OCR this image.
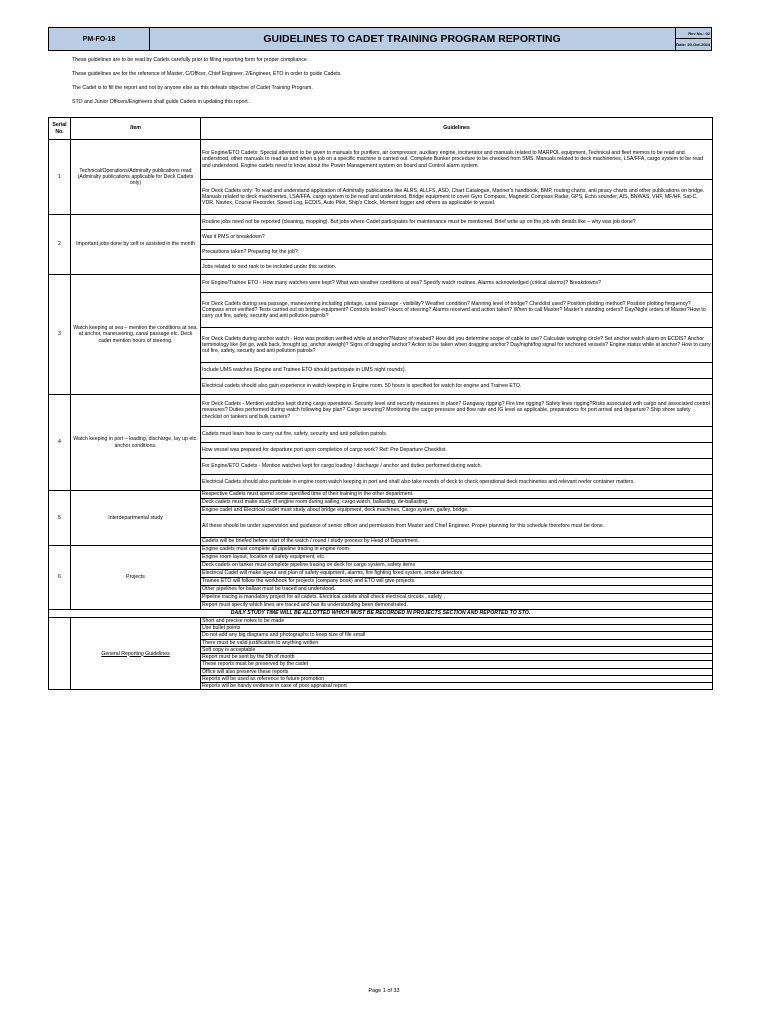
PM-FO-18	GUIDELINES TO CADET TRAINING PROGRAM REPORTING	Rev No.: 02
Date: 20-Oct-2024
These guidelines are to be read by Cadets carefully prior to filling reporting form for proper compliance.
These guidelines are for the reference of Master, C/Officer, Chief Engineer, 2/Engineer, ETO in order to guide Cadets.
The Cadet is to fill the report and not by anyone else as this defeats objective of Cadet Training Program.
STO and Junior Officers/Engineers shall guide Cadets in updating this report.
Serial No.	Item	Guidelines
1	Technical/Operations/Admiralty publications read (Admiralty publications applicable for Deck Cadets only)	For Engine/ETO Cadets: Special attention to be given to manuals for purifiers, air compressor, auxiliary engine, incinerator and manuals related to MARPOL equipment, Technical and fleet memos to be read and understood, other manuals to read as and when a job on a specific machine is carried out. Complete Bunker procedure to be checked from SMS. Manuals related to deck machineries, LSA/FFA, cargo system to be read and understood. Engine cadets need to know about the Power Management system on board and Control alarm system.
		For Deck Cadets only: To read and understand application of Admiralty publications like ALRS, ALLFS, ASD, Chart Catalogue, Mariner's handbook, BMP, routing charts, anti piracy charts and other publications on bridge. Manuals related to deck machineries, LSA/FFA, cargo system to be read and understood. Bridge equipment to cover Gyro Compass, Magnetic Compass Radar, GPS, Echo sounder, AIS, BNWAS, VHF, MF/HF, Sat-C, VDR, Navtex, Course Recorder, Speed Log, ECDIS, Auto Pilot, Ship's Clock, Moment logger and others as applicable to vessel.
2	Important jobs done by self or assisted in the month	Routine jobs need not be reported (cleaning, mopping). But jobs where Cadet participates for maintenance must be mentioned. Brief write up on the job with details like – why was job done?
		Was it PMS or breakdown?
		Precautions taken? Preparing for the job?
		Jobs related to next rank to be included under this section.
3	Watch keeping at sea – mention the conditions at sea, at anchor, maneuvering, canal passage etc. Deck cadet mention hours of steering.	For Engine/Trainee ETO - How many watches were kept? What was weather conditions at sea? Specify watch routines. Alarms acknowledged (critical alarms)? Breakdowns?
		For Deck Cadets during sea passage, maneuvering including pilotage, canal passage - visibility? Weather condition? Manning level of bridge? Checklist used? Position plotting method? Position plotting frequency? Compass error verified? Tests carried out on bridge equipment? Controls tested? Hours of steering? Alarms received and action taken? When to call Master? Master's standing orders? Day/Night orders of Master?How to carry out fire, safety, security and anti pollution patrols?
		For Deck Cadets during anchor watch - How was position verified while at anchor?Nature of seabed? How did you determine scope of cable to use? Calculate swinging circle? Set anchor watch alarm on ECDIS? Anchor terminology like (let go, walk back, brought up, anchor aweigh)? Signs of dragging anchor? Action to be taken when dragging anchor? Day/night/fog signal for anchored vessels? Engine status while at anchor? How to carry out fire, safety, security and anti pollution patrols?
		Include UMS watches (Engine and Trainee ETO should participate in UMS night rounds).
		Electrical cadets should also gain experience in watch keeping in Engine room. 50 hours is specified for watch for engine and Trainee ETO.
4	Watch keeping in port – loading, discharge, lay up etc. anchor conditions.	For Deck Cadets - Mention watches kept during cargo operations. Security level and security measures in place? Gangway rigging? Fire line rigging? Safety lines rigging?Risks associated with cargo and associated control measures? Duties performed during watch following bay plan? Cargo securing? Monitoring the cargo pressure and flow rate and IG level as applicable, preparations for port arrival and departure? Ship shore safety checklist on tankers and bulk carriers?
		Cadets must learn how to carry out fire, safety, security and anti pollution patrols.
		How vessel was prepared for departure port upon completion of cargo work? Ref: Pre Departure Checklist.
		For Engine/ETO Cadets - Mention watches kept for cargo loading / discharge / anchor and duties performed during watch.
		Electrical Cadets should also particiate in engine room watch keeping in port and shall also take rounds of deck to check operational deck machineries and relevant reefer container matters.
5	Interdepartmental study	Respective Cadets must spend some specified time of their training in the other department.
		Deck cadets must make study of engine room during sailing, cargo watch, ballasting, de-ballasting.
		Engine cadet and Electrical cadet must study about bridge equipment, deck machines, Cargo system, galley, bridge.
		All these should be under supervision and guidance of senior officer and permission from Master and Chief Engineer. Proper planning for this schedule therefore must be done.
		Cadets will be briefed before start of the watch / round / study process by Head of Department.
6	Projects	Engine cadets must complete all pipeline tracing in engine room.
		Engine room layout, location of safety equipment, etc.
		Deck cadets on tanker must complete pipeline tracing on deck for cargo system, safety items
		Electrical Cadet will make layout and plan of safety equipment, alarms, fire fighting fixed system, smoke detectors.
		Trainee ETO will follow the workbook for projects (company book) and ETO will give projects.
		Other pipelines for ballast must be traced and understood.
		Pipeline tracing is mandatory project for all cadets. Electrical cadets shall check electrical circuits , safety ,
		Report must specify which lines are traced and has its understanding been demonstrated.
DAILY STUDY TIME WILL BE ALLOTTED WHICH MUST BE RECORDED IN PROJECTS SECTION AND REPORTED TO STO.		
	General Reporting Guidelines	Short and precise notes to be made
		Use bullet points
		Do not add any big diagrams and photographs to keep size of file small
		There must be valid justification to anything written
		Soft copy is acceptable
		Report must be sent by the 5th of month
		These reports must be preserved by the cadet
		Office will also preserve these reports
		Reports will be used as reference to future promotion
		Reports will be handy evidence in case of poor appraisal report
Page 1 of 33
